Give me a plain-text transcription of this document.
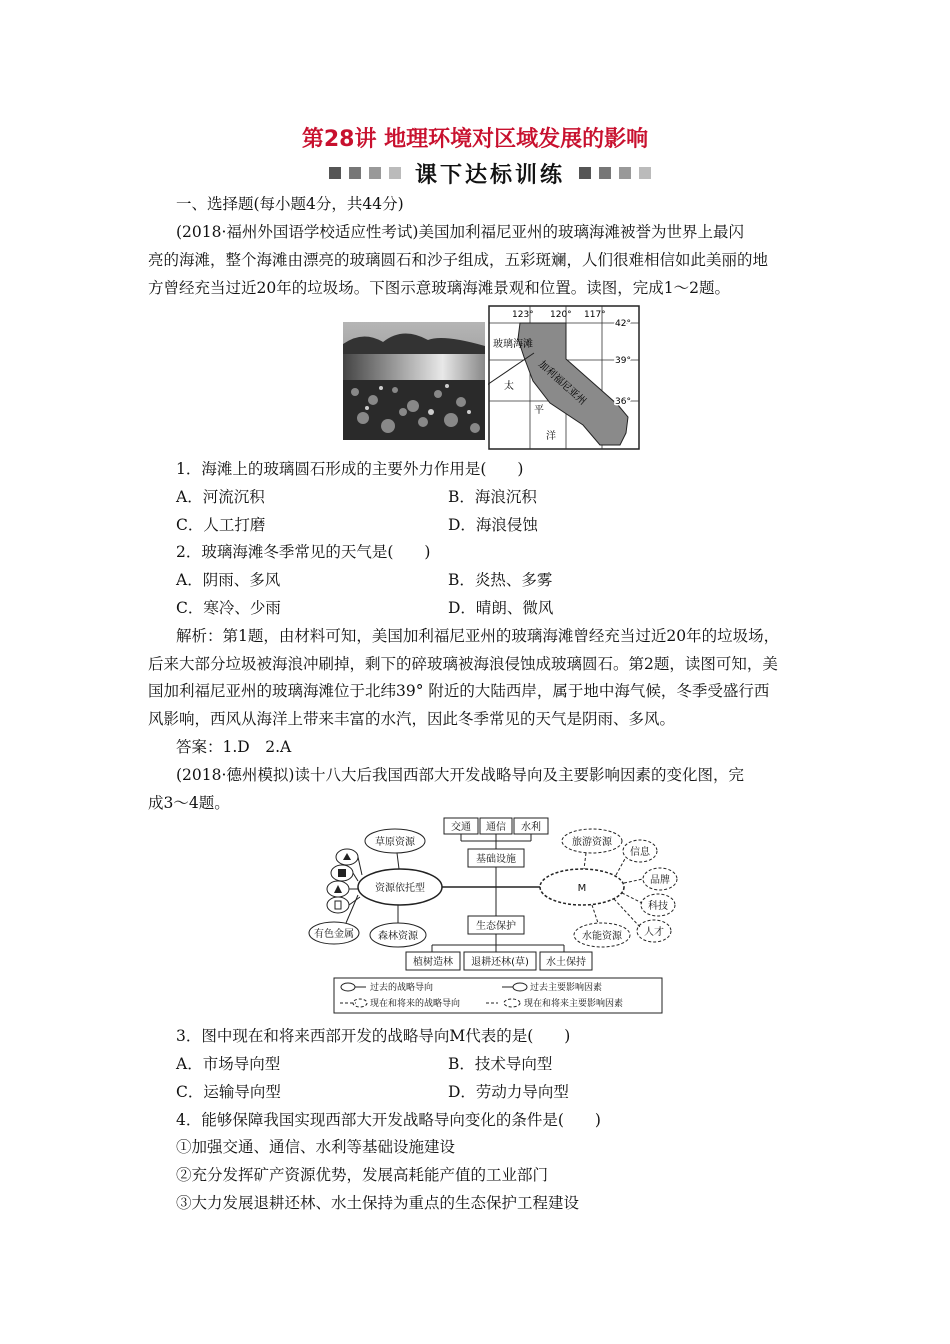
第28讲 地理环境对区域发展的影响
课下达标训练
一、选择题(每小题4分，共44分)
(2018·福州外国语学校适应性考试)美国加利福尼亚州的玻璃海滩被誉为世界上最闪
亮的海滩，整个海滩由漂亮的玻璃圆石和沙子组成，五彩斑斓，人们很难相信如此美丽的地
方曾经充当过近20年的垃圾场。下图示意玻璃海滩景观和位置。读图，完成1～2题。
123° 120° 117°
42°
39°
36°
玻璃海滩
加利福尼亚州
太
平
洋
1．海滩上的玻璃圆石形成的主要外力作用是(　　)
A．河流沉积	B．海浪沉积
C．人工打磨	D．海浪侵蚀
2．玻璃海滩冬季常见的天气是(　　)
A．阴雨、多风	B．炎热、多雾
C．寒冷、少雨	D．晴朗、微风
解析：第1题，由材料可知，美国加利福尼亚州的玻璃海滩曾经充当过近20年的垃圾场，
后来大部分垃圾被海浪冲刷掉，剩下的碎玻璃被海浪侵蚀成玻璃圆石。第2题，读图可知，美
国加利福尼亚州的玻璃海滩位于北纬39° 附近的大陆西岸，属于地中海气候，冬季受盛行西
风影响，西风从海洋上带来丰富的水汽，因此冬季常见的天气是阴雨、多风。
答案：1.D　2.A
(2018·德州模拟)读十八大后我国西部大开发战略导向及主要影响因素的变化图，完
成3～4题。
交通 通信 水利
基础设施
草原资源
资源依托型
有色金属 森林资源
生态保护
植树造林 退耕还林(草) 水土保持
M
旅游资源
水能资源
信息
品牌
科技
人才
过去的战略导向	过去主要影响因素
现在和将来的战略导向	现在和将来主要影响因素
3．图中现在和将来西部开发的战略导向M代表的是(　　)
A．市场导向型	B．技术导向型
C．运输导向型	D．劳动力导向型
4．能够保障我国实现西部大开发战略导向变化的条件是(　　)
①加强交通、通信、水利等基础设施建设
②充分发挥矿产资源优势，发展高耗能产值的工业部门
③大力发展退耕还林、水土保持为重点的生态保护工程建设
